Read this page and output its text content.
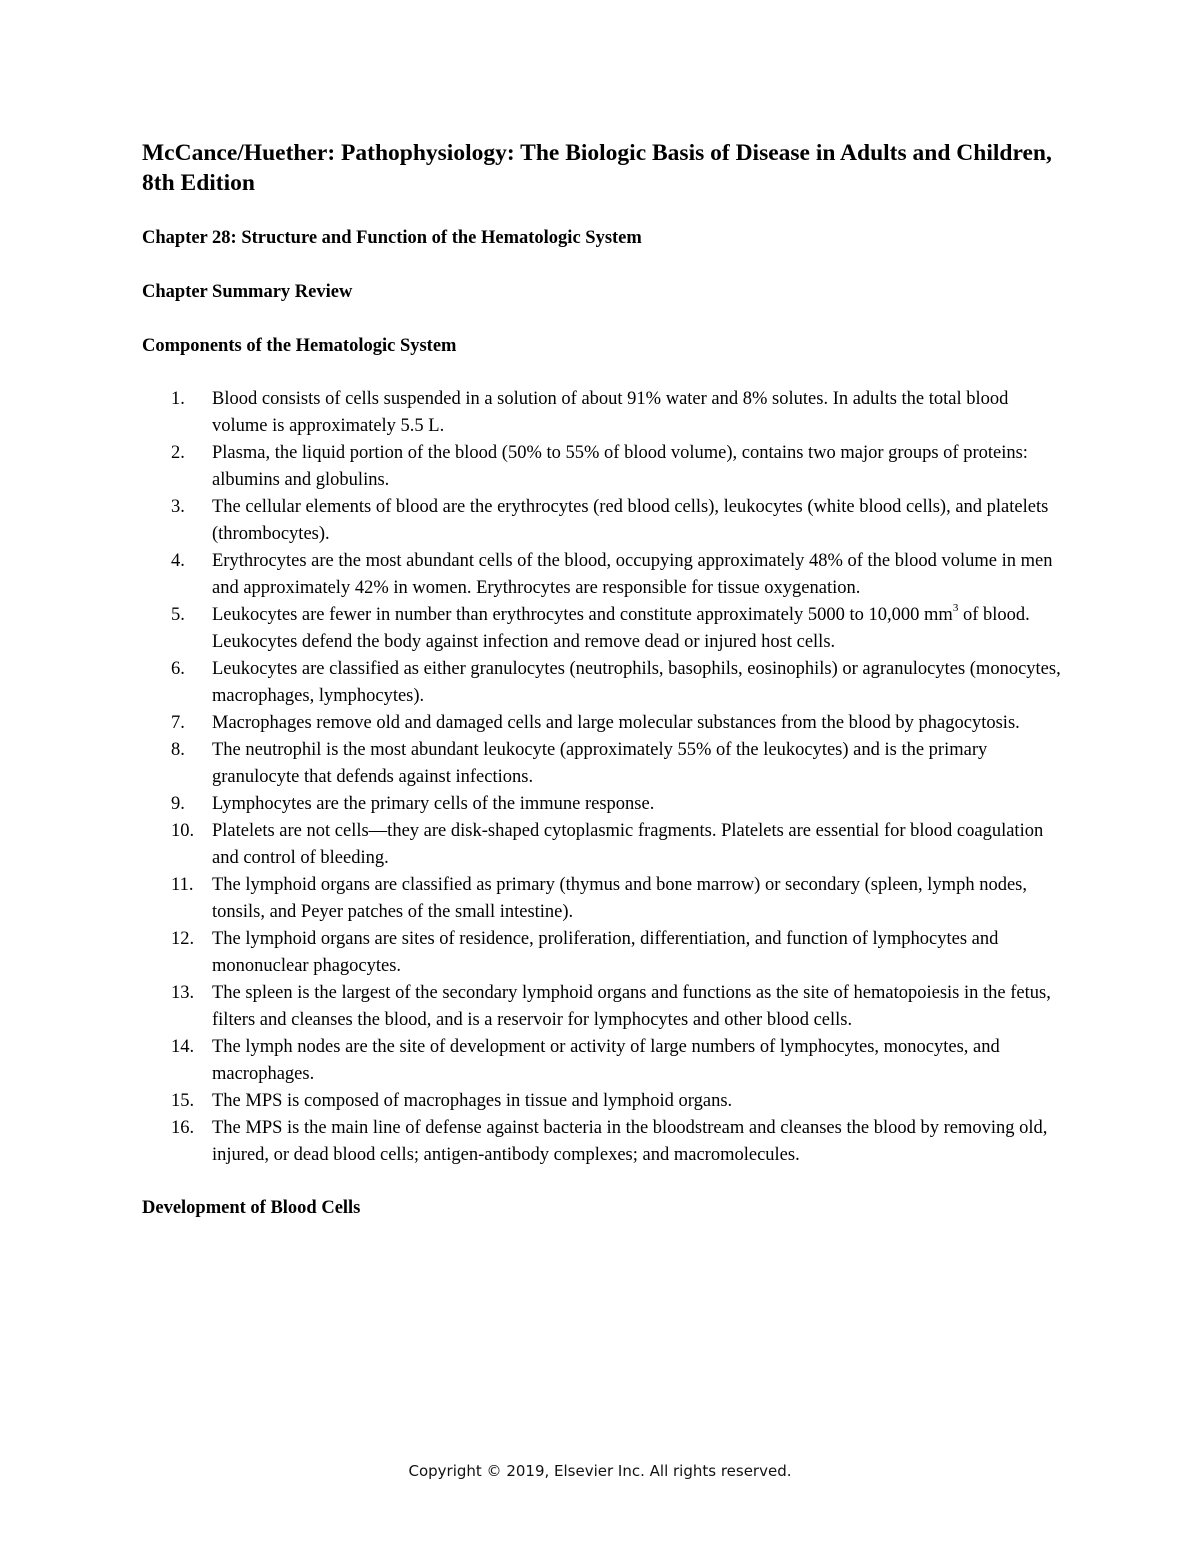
McCance/Huether: Pathophysiology: The Biologic Basis of Disease in Adults and Children, 8th Edition
Chapter 28: Structure and Function of the Hematologic System
Chapter Summary Review
Components of the Hematologic System
1. Blood consists of cells suspended in a solution of about 91% water and 8% solutes. In adults the total blood volume is approximately 5.5 L.
2. Plasma, the liquid portion of the blood (50% to 55% of blood volume), contains two major groups of proteins: albumins and globulins.
3. The cellular elements of blood are the erythrocytes (red blood cells), leukocytes (white blood cells), and platelets (thrombocytes).
4. Erythrocytes are the most abundant cells of the blood, occupying approximately 48% of the blood volume in men and approximately 42% in women. Erythrocytes are responsible for tissue oxygenation.
5. Leukocytes are fewer in number than erythrocytes and constitute approximately 5000 to 10,000 $mm^3$ of blood. Leukocytes defend the body against infection and remove dead or injured host cells.
6. Leukocytes are classified as either granulocytes (neutrophils, basophils, eosinophils) or agranulocytes (monocytes, macrophages, lymphocytes).
7. Macrophages remove old and damaged cells and large molecular substances from the blood by phagocytosis.
8. The neutrophil is the most abundant leukocyte (approximately 55% of the leukocytes) and is the primary granulocyte that defends against infections.
9. Lymphocytes are the primary cells of the immune response.
10. Platelets are not cells—they are disk-shaped cytoplasmic fragments. Platelets are essential for blood coagulation and control of bleeding.
11. The lymphoid organs are classified as primary (thymus and bone marrow) or secondary (spleen, lymph nodes, tonsils, and Peyer patches of the small intestine).
12. The lymphoid organs are sites of residence, proliferation, differentiation, and function of lymphocytes and mononuclear phagocytes.
13. The spleen is the largest of the secondary lymphoid organs and functions as the site of hematopoiesis in the fetus, filters and cleanses the blood, and is a reservoir for lymphocytes and other blood cells.
14. The lymph nodes are the site of development or activity of large numbers of lymphocytes, monocytes, and macrophages.
15. The MPS is composed of macrophages in tissue and lymphoid organs.
16. The MPS is the main line of defense against bacteria in the bloodstream and cleanses the blood by removing old, injured, or dead blood cells; antigen-antibody complexes; and macromolecules.
Development of Blood Cells
Copyright © 2019, Elsevier Inc. All rights reserved.
